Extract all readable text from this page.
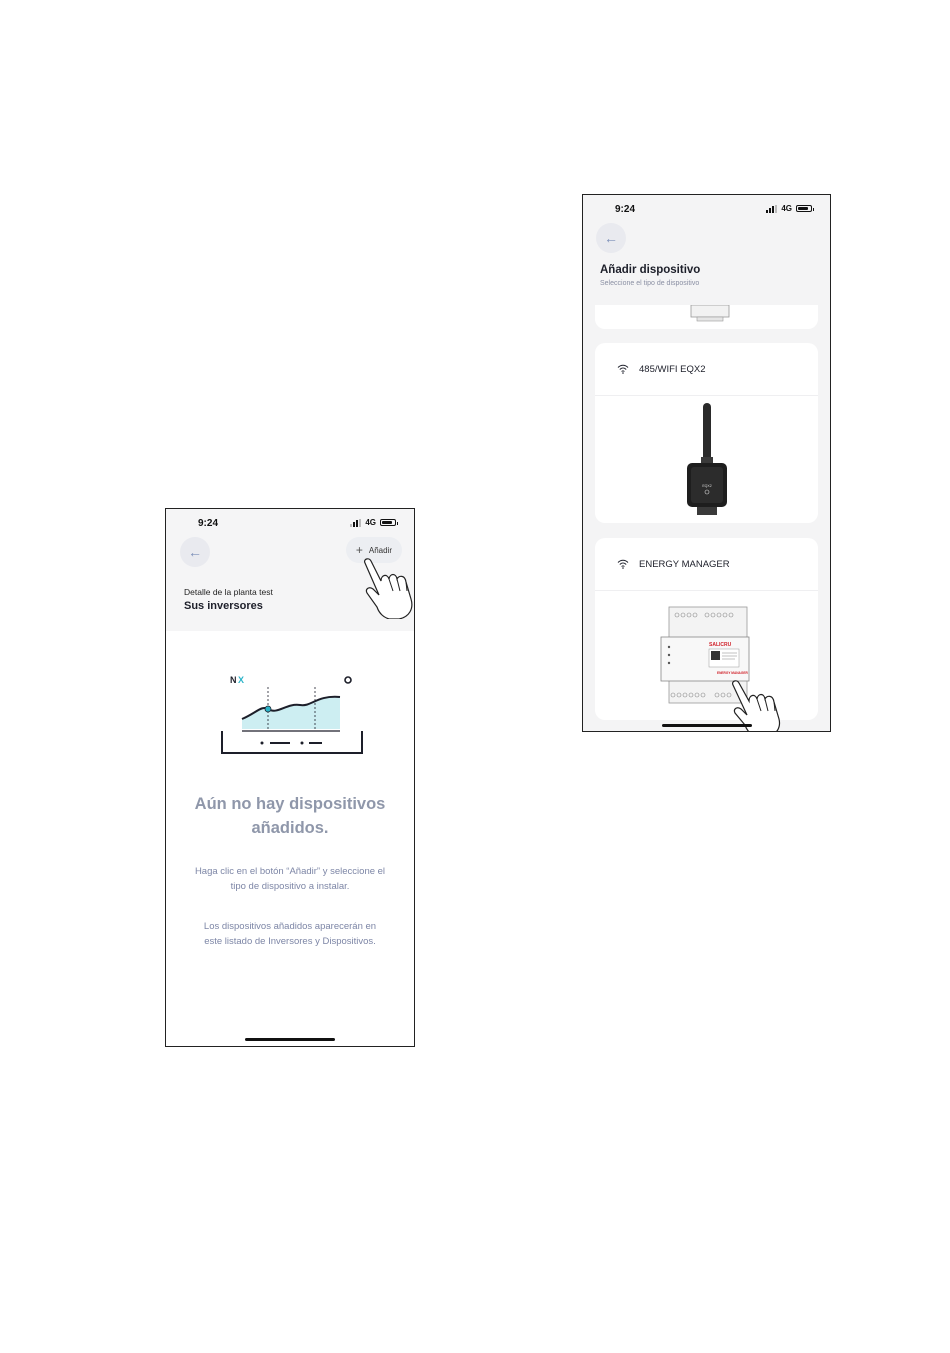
9:24	4G
←	+ Añadir
Detalle de la planta test
Sus inversores
N X
Aún no hay dispositivos añadidos.
Haga clic en el botón “Añadir” y seleccione el tipo de dispositivo a instalar.
Los dispositivos añadidos aparecerán en este listado de Inversores y Dispositivos.
9:24	4G
←
Añadir dispositivo
Seleccione el tipo de dispositivo
485/WIFI EQX2
EQX2
ENERGY MANAGER
SALICRU
ENERGY MANAGER
